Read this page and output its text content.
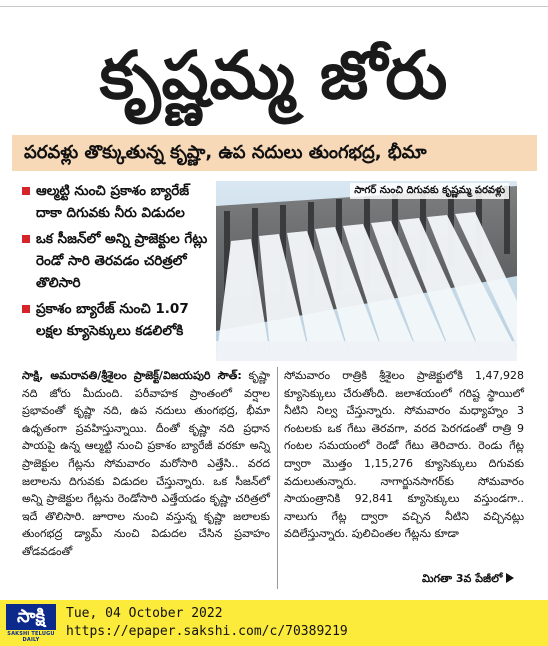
కృష్ణమ్మ జోరు
పరవళ్లు తొక్కుతున్న కృష్ణా, ఉప నదులు తుంగభద్ర, భీమా
ఆల్మట్టి నుంచి ప్రకాశం బ్యారేజ్ దాకా దిగువకు నీరు విడుదల
ఒక సీజన్‌లో అన్ని ప్రాజెక్టుల గేట్లు రెండో సారి తెరవడం చరిత్రలో తొలిసారి
ప్రకాశం బ్యారేజ్ నుంచి 1.07 లక్షల క్యూసెక్కులు కడలిలోకి
సాగర్ నుంచి దిగువకు కృష్ణమ్మ పరవళ్లు

సాక్షి, అమరావతి/శ్రీశైలం ప్రాజెక్ట్/విజయపురి సౌత్: కృష్ణా నది జోరు మీదుంది. పరీవాహక ప్రాంతంలో వర్షాల ప్రభావంతో కృష్ణా నది, ఉప నదులు తుంగభద్ర, భీమా ఉధృతంగా ప్రవహిస్తున్నాయి. దీంతో కృష్ణా నది ప్రధాన పాయపై ఉన్న ఆల్మట్టి నుంచి ప్రకాశం బ్యారేజీ వరకూ అన్ని ప్రాజెక్టుల గేట్లను సోమవారం మరోసారి ఎత్తేసి.. వరద జలాలను దిగువకు విడుదల చేస్తున్నారు. ఒక సీజన్‌లో అన్ని ప్రాజెక్టుల గేట్లను రెండోసారి ఎత్తేయడం కృష్ణా చరిత్రలో ఇదే తొలిసారి. జూరాల నుంచి వస్తున్న కృష్ణా జలాలకు తుంగభద్ర డ్యామ్ నుంచి విడుదల చేసిన ప్రవాహం తోడవడంతో

సోమవారం రాత్రికి శ్రీశైలం ప్రాజెక్టులోకి 1,47,928 క్యూసెక్కులు చేరుతోంది. జలాశయంలో గరిష్ట స్థాయిలో నీటిని నిల్వ చేస్తున్నారు. సోమవారం మధ్యాహ్నం 3 గంటలకు ఒక గేటు తెరవగా, వరద పెరగడంతో రాత్రి 9 గంటల సమయంలో రెండో గేటు తెరిచారు. రెండు గేట్ల ద్వారా మొత్తం 1,15,276 క్యూసెక్కులు దిగువకు వదులుతున్నారు. నాగార్జునసాగర్‌కు సోమవారం సాయంత్రానికి 92,841 క్యూసెక్కులు వస్తుండగా.. నాలుగు గేట్ల ద్వారా వచ్చిన నీటిని వచ్చినట్లు వదిలేస్తున్నారు. పులిచింతల గేట్లను కూడా

మిగతా 3వ పేజీలో
సాక్షి
SAKSHI TELUGU DAILY
Tue, 04 October 2022
https://epaper.sakshi.com/c/70389219
